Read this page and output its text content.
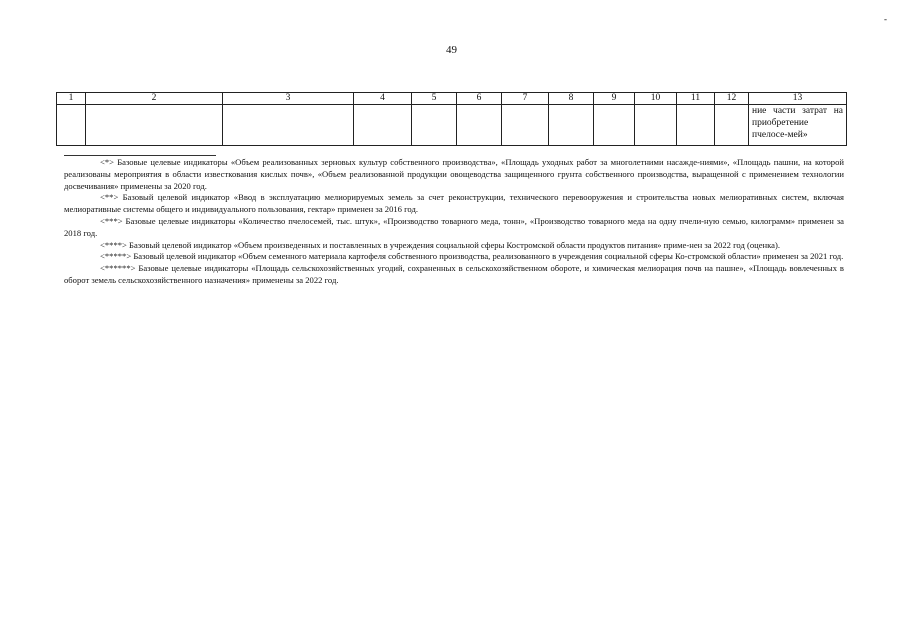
-
49
1	2	3	4	5	6	7	8	9	10	11	12	13
												ние части затрат на приобретение пчелосе-мей»

<*> Базовые целевые индикаторы «Объем реализованных зерновых культур собственного производства», «Площадь уходных работ за многолетними насажде-ниями», «Площадь пашни, на которой реализованы мероприятия в области известкования кислых почв», «Объем реализованной продукции овощеводства защищенного грунта собственного производства, выращенной с применением технологии досвечивания» применены за 2020 год.

<**> Базовый целевой индикатор «Ввод в эксплуатацию мелиорируемых земель за счет реконструкции, технического перевооружения и строительства новых мелиоративных систем, включая мелиоративные системы общего и индивидуального пользования, гектар» применен за 2016 год.

<***> Базовые целевые индикаторы «Количество пчелосемей, тыс. штук», «Производство товарного меда, тонн», «Производство товарного меда на одну пчели-ную семью, килограмм» применен за 2018 год.

<****> Базовый целевой индикатор «Объем произведенных и поставленных в учреждения социальной сферы Костромской области продуктов питания» приме-нен за 2022 год (оценка).

<*****> Базовый целевой индикатор «Объем семенного материала картофеля собственного производства, реализованного в учреждения социальной сферы Ко-стромской области» применен за 2021 год.

<******> Базовые целевые индикаторы «Площадь сельскохозяйственных угодий, сохраненных в сельскохозяйственном обороте, и химическая мелиорация почв на пашне», «Площадь вовлеченных в оборот земель сельскохозяйственного назначения» применены за 2022 год.
